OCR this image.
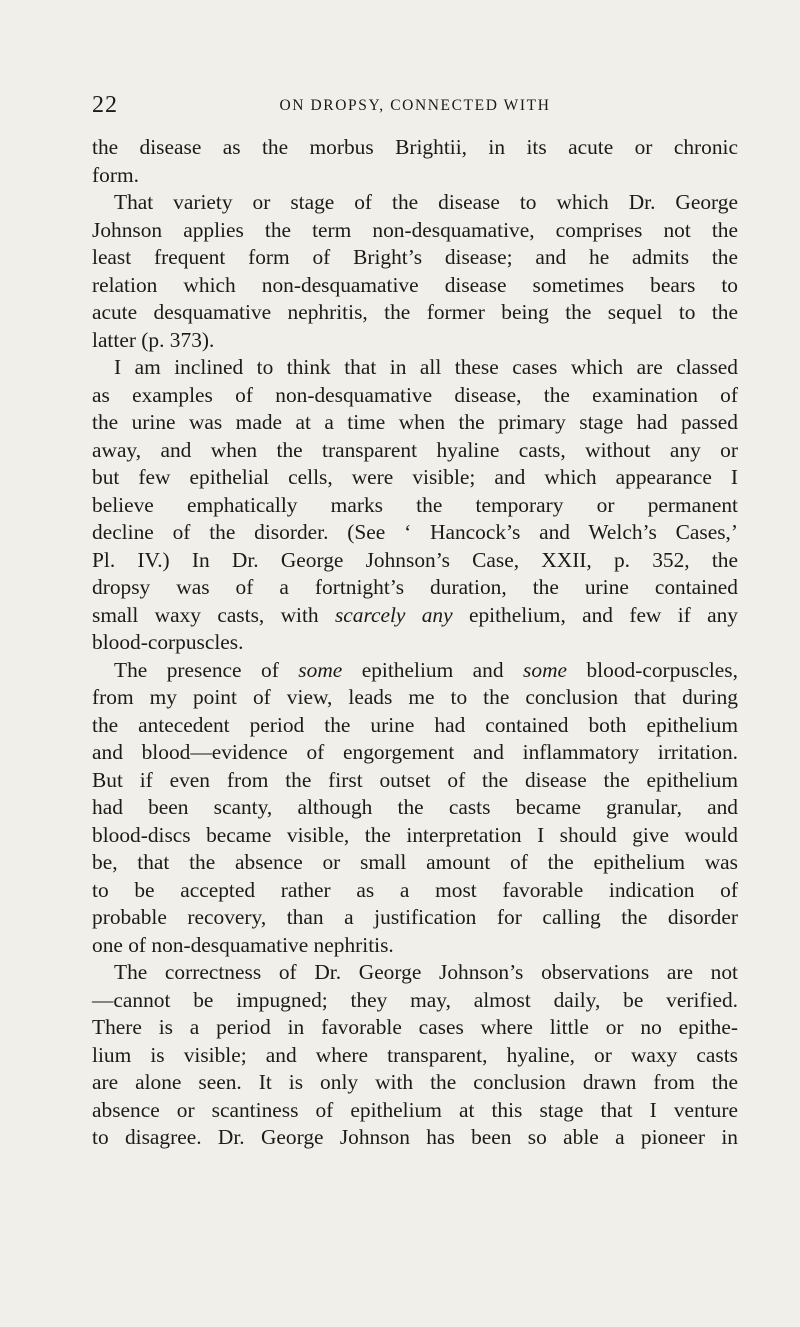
22	ON DROPSY, CONNECTED WITH

the disease as the morbus Brightii, in its acute or chronic
form.

That variety or stage of the disease to which Dr. George
Johnson applies the term non-desquamative, comprises not the
least frequent form of Bright’s disease; and he admits the
relation which non-desquamative disease sometimes bears to
acute desquamative nephritis, the former being the sequel to the
latter (p. 373).

I am inclined to think that in all these cases which are classed
as examples of non-desquamative disease, the examination of
the urine was made at a time when the primary stage had passed
away, and when the transparent hyaline casts, without any or
but few epithelial cells, were visible; and which appearance I
believe emphatically marks the temporary or permanent
decline of the disorder. (See ‘ Hancock’s and Welch’s Cases,’
Pl. IV.) In Dr. George Johnson’s Case, XXII, p. 352, the
dropsy was of a fortnight’s duration, the urine contained
small waxy casts, with scarcely any epithelium, and few if any
blood-corpuscles.

The presence of some epithelium and some blood-corpuscles,
from my point of view, leads me to the conclusion that during
the antecedent period the urine had contained both epithelium
and blood—evidence of engorgement and inflammatory irritation.
But if even from the first outset of the disease the epithelium
had been scanty, although the casts became granular, and
blood-discs became visible, the interpretation I should give would
be, that the absence or small amount of the epithelium was
to be accepted rather as a most favorable indication of
probable recovery, than a justification for calling the disorder
one of non-desquamative nephritis.

The correctness of Dr. George Johnson’s observations are not
—cannot be impugned; they may, almost daily, be verified.
There is a period in favorable cases where little or no epithe-
lium is visible; and where transparent, hyaline, or waxy casts
are alone seen. It is only with the conclusion drawn from the
absence or scantiness of epithelium at this stage that I venture
to disagree. Dr. George Johnson has been so able a pioneer in
